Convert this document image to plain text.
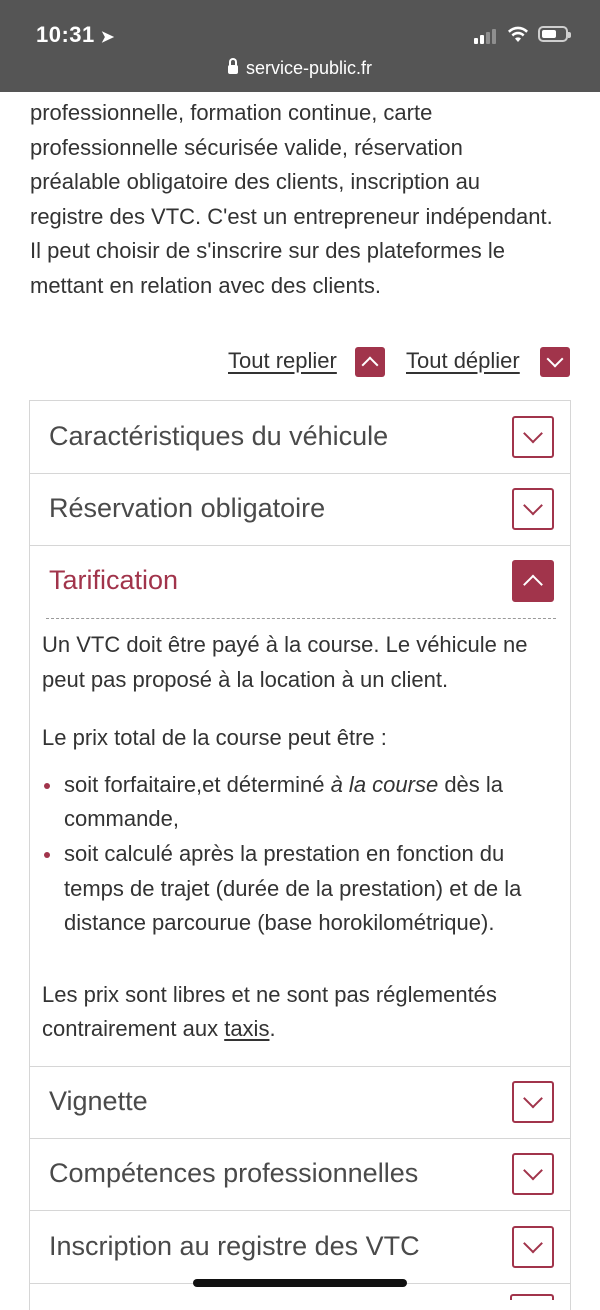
10:31 ➤
service-public.fr

professionnelle, formation continue, carte

professionnelle sécurisée valide, réservation

préalable obligatoire des clients, inscription au

registre des VTC. C'est un entrepreneur indépendant.

Il peut choisir de s'inscrire sur des plateformes le

mettant en relation avec des clients.

Tout replier	Tout déplier
Caractéristiques du véhicule
Réservation obligatoire
Tarification

Un VTC doit être payé à la course. Le véhicule ne

peut pas proposé à la location à un client.

Le prix total de la course peut être :

soit forfaitaire,et déterminé à la course dès la
commande,
soit calculé après la prestation en fonction du
temps de trajet (durée de la prestation) et de la
distance parcourue (base horokilométrique).

Les prix sont libres et ne sont pas réglementés

contrairement aux taxis.

Vignette
Compétences professionnelles
Inscription au registre des VTC
